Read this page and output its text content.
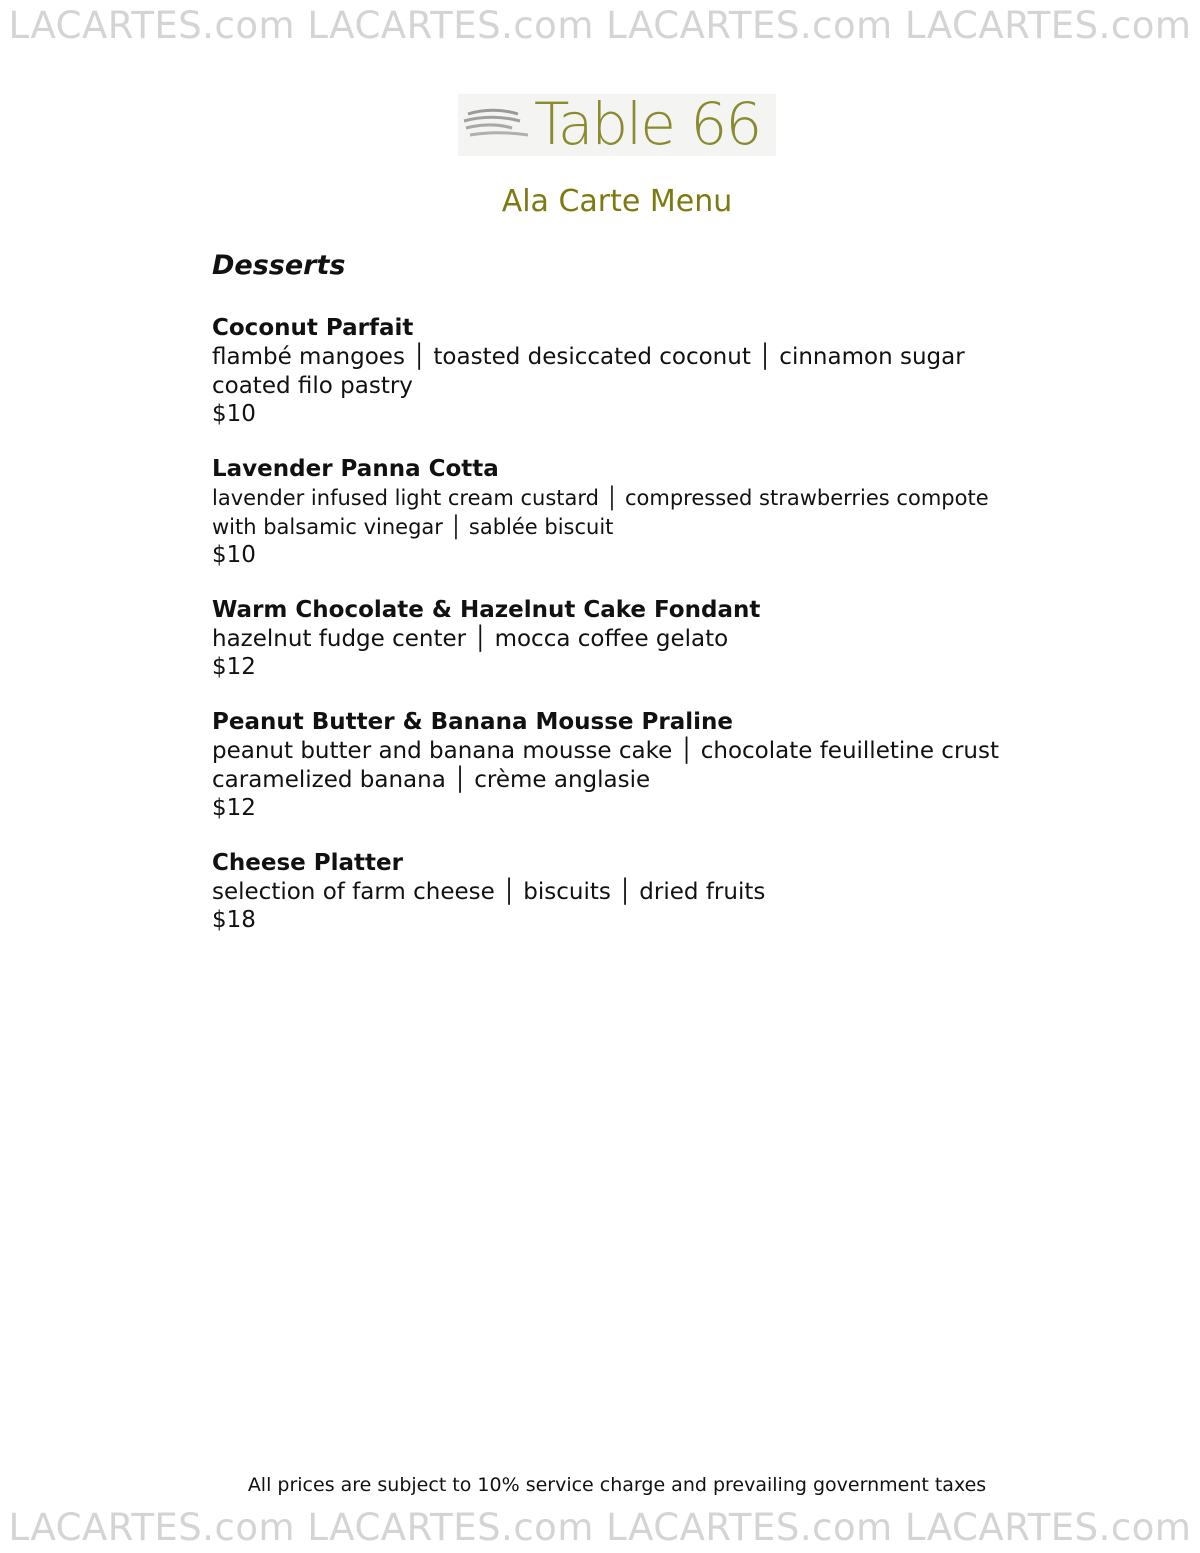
LACARTES.com LACARTES.com LACARTES.com LACARTES.com
Table 66
Ala Carte Menu
Desserts
Coconut Parfait
flambé mangoes │ toasted desiccated coconut │ cinnamon sugar
coated filo pastry
$10
Lavender Panna Cotta
lavender infused light cream custard │ compressed strawberries compote
with balsamic vinegar │ sablée biscuit
$10
Warm Chocolate & Hazelnut Cake Fondant
hazelnut fudge center │ mocca coffee gelato
$12
Peanut Butter & Banana Mousse Praline
peanut butter and banana mousse cake │ chocolate feuilletine crust
caramelized banana │ crème anglasie
$12
Cheese Platter
selection of farm cheese │ biscuits │ dried fruits
$18
All prices are subject to 10% service charge and prevailing government taxes
LACARTES.com LACARTES.com LACARTES.com LACARTES.com
